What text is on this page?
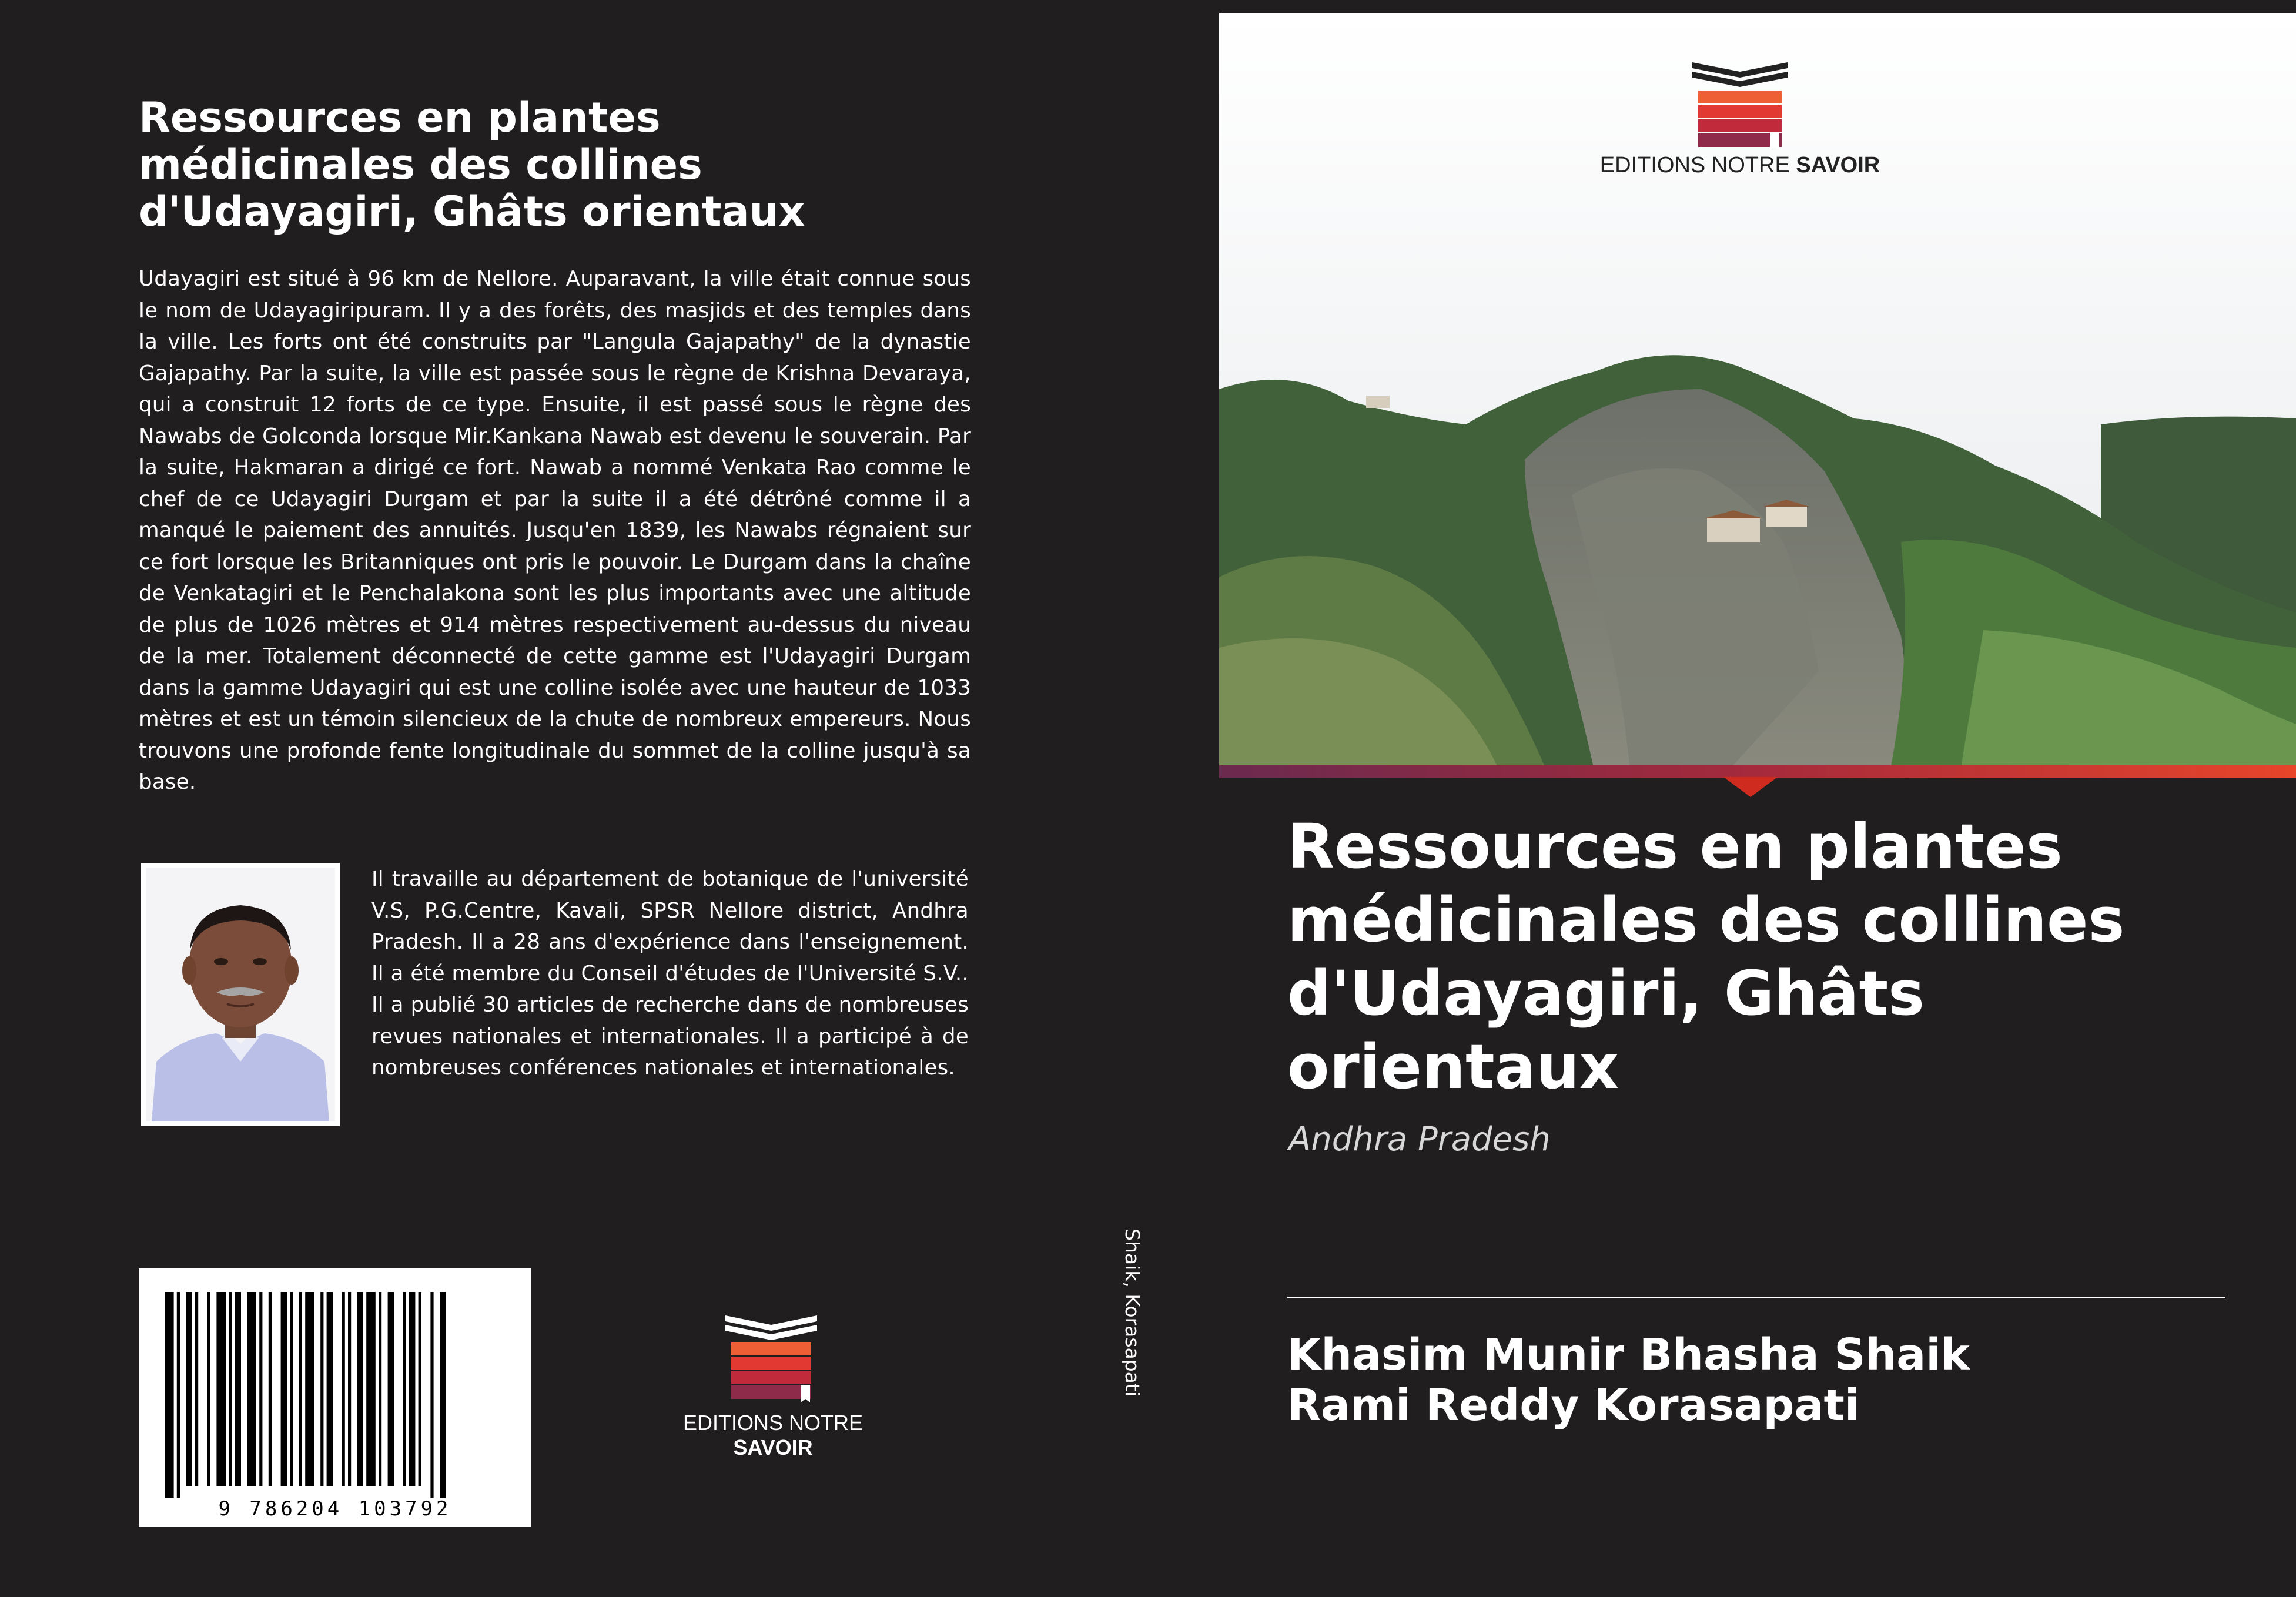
Ressources en plantes
médicinales des collines
d'Udayagiri, Ghâts orientaux

Udayagiri est situé à 96 km de Nellore. Auparavant, la ville était connue sous le nom de Udayagiripuram. Il y a des forêts, des masjids et des temples dans la ville. Les forts ont été construits par "Langula Gajapathy" de la dynastie Gajapathy. Par la suite, la ville est passée sous le règne de Krishna Devaraya, qui a construit 12 forts de ce type. Ensuite, il est passé sous le règne des Nawabs de Golconda lorsque Mir.Kankana Nawab est devenu le souverain. Par la suite, Hakmaran a dirigé ce fort. Nawab a nommé Venkata Rao comme le chef de ce Udayagiri Durgam et par la suite il a été détrôné comme il a manqué le paiement des annuités. Jusqu'en 1839, les Nawabs régnaient sur ce fort lorsque les Britanniques ont pris le pouvoir. Le Durgam dans la chaîne de Venkatagiri et le Penchalakona sont les plus importants avec une altitude de plus de 1026 mètres et 914 mètres respectivement au-dessus du niveau de la mer. Totalement déconnecté de cette gamme est l'Udayagiri Durgam dans la gamme Udayagiri qui est une colline isolée avec une hauteur de 1033 mètres et est un témoin silencieux de la chute de nombreux empereurs. Nous trouvons une profonde fente longitudinale du sommet de la colline jusqu'à sa base.

Il travaille au département de botanique de l'université V.S, P.G.Centre, Kavali, SPSR Nellore district, Andhra Pradesh. Il a 28 ans d'expérience dans l'enseignement. Il a été membre du Conseil d'études de l'Université S.V.. Il a publié 30 articles de recherche dans de nombreuses revues nationales et internationales. Il a participé à de nombreuses conférences nationales et internationales.

9 786204 103792
EDITIONS NOTRE SAVOIR
Shaik, Korasapati
EDITIONS NOTRE SAVOIR
Ressources en plantes médicinales des collines d'Udayagiri, Ghâts orientaux

Andhra Pradesh

Khasim Munir Bhasha Shaik
Rami Reddy Korasapati
